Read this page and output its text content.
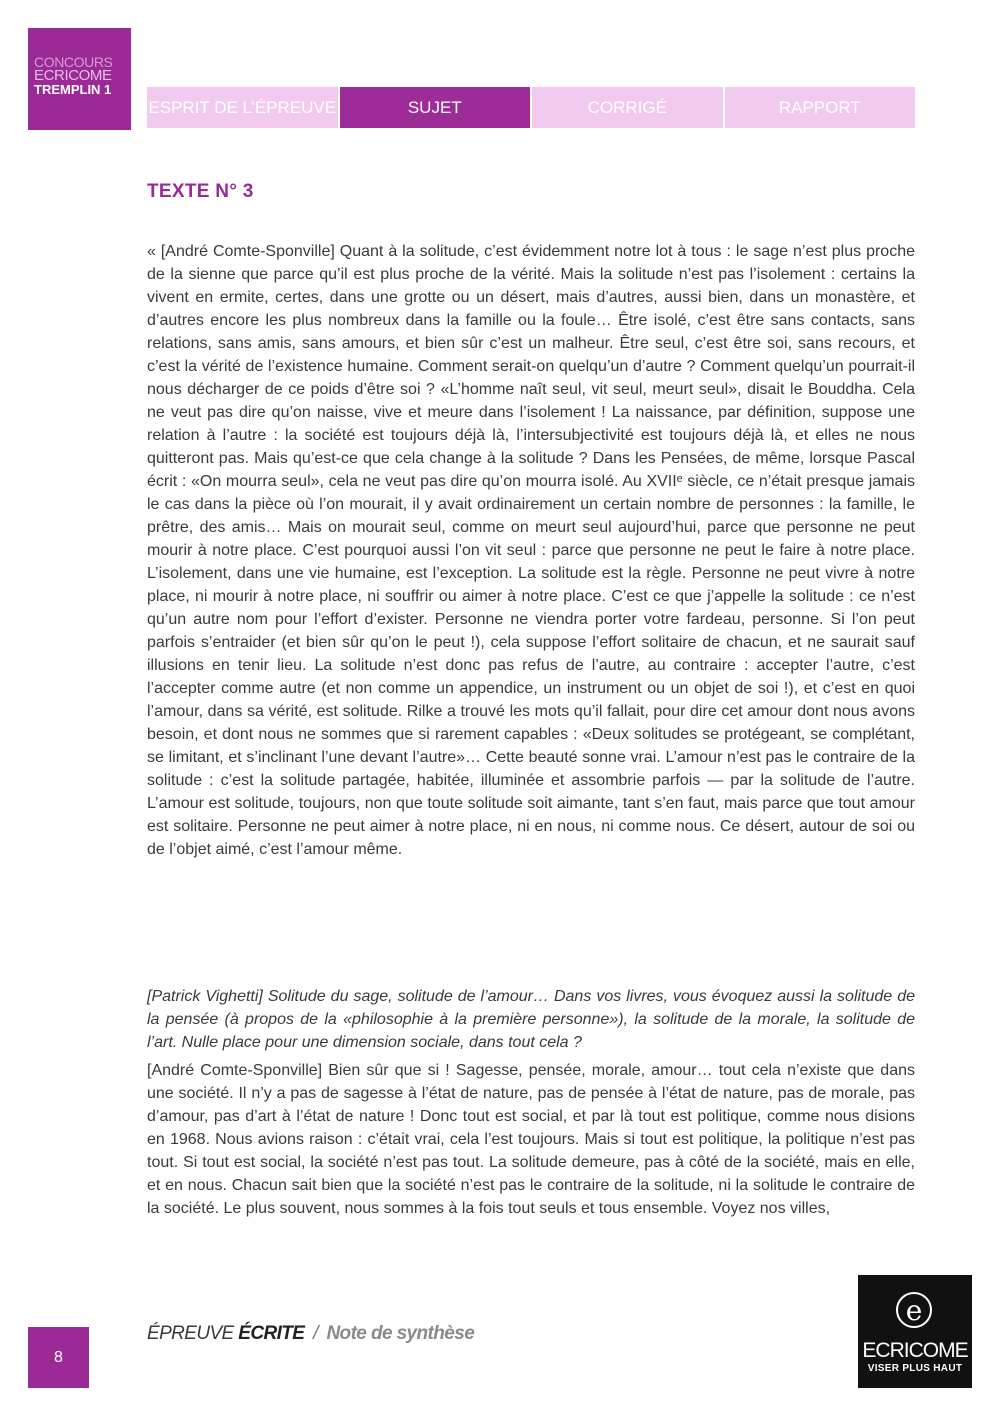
CONCOURS
ECRICOME
TREMPLIN 1
ESPRIT DE L’ÉPREUVE	SUJET	CORRIGÉ	RAPPORT
TEXTE N° 3

« [André Comte-Sponville] Quant à la solitude, c’est évidemment notre lot à tous : le sage n’est plus proche de la sienne que parce qu’il est plus proche de la vérité. Mais la solitude n’est pas l’isolement : certains la vivent en ermite, certes, dans une grotte ou un désert, mais d’autres, aussi bien, dans un monastère, et d’autres encore les plus nombreux dans la famille ou la foule… Être isolé, c’est être sans contacts, sans relations, sans amis, sans amours, et bien sûr c’est un malheur. Être seul, c’est être soi, sans recours, et c’est la vérité de l’existence humaine. Comment serait-on quelqu’un d’autre ? Comment quelqu’un pourrait-il nous décharger de ce poids d’être soi ? «L’homme naît seul, vit seul, meurt seul», disait le Bouddha. Cela ne veut pas dire qu’on naisse, vive et meure dans l’isolement ! La naissance, par définition, suppose une relation à l’autre : la société est toujours déjà là, l’intersubjectivité est toujours déjà là, et elles ne nous quitteront pas. Mais qu’est-ce que cela change à la solitude ? Dans les Pensées, de même, lorsque Pascal écrit : «On mourra seul», cela ne veut pas dire qu’on mourra isolé. Au XVIIᵉ siècle, ce n’était presque jamais le cas dans la pièce où l’on mourait, il y avait ordinairement un certain nombre de personnes : la famille, le prêtre, des amis… Mais on mourait seul, comme on meurt seul aujourd’hui, parce que personne ne peut mourir à notre place. C’est pourquoi aussi l’on vit seul : parce que personne ne peut le faire à notre place. L’isolement, dans une vie humaine, est l’exception. La solitude est la règle. Personne ne peut vivre à notre place, ni mourir à notre place, ni souffrir ou aimer à notre place. C’est ce que j’appelle la solitude : ce n’est qu’un autre nom pour l’effort d’exister. Personne ne viendra porter votre fardeau, personne. Si l’on peut parfois s’entraider (et bien sûr qu’on le peut !), cela suppose l’effort solitaire de chacun, et ne saurait sauf illusions en tenir lieu. La solitude n’est donc pas refus de l’autre, au contraire : accepter l’autre, c’est l’accepter comme autre (et non comme un appendice, un instrument ou un objet de soi !), et c’est en quoi l’amour, dans sa vérité, est solitude. Rilke a trouvé les mots qu’il fallait, pour dire cet amour dont nous avons besoin, et dont nous ne sommes que si rarement capables : «Deux solitudes se protégeant, se complétant, se limitant, et s’inclinant l’une devant l’autre»… Cette beauté sonne vrai. L’amour n’est pas le contraire de la solitude : c’est la solitude partagée, habitée, illuminée et assombrie parfois — par la solitude de l’autre. L’amour est solitude, toujours, non que toute solitude soit aimante, tant s’en faut, mais parce que tout amour est solitaire. Personne ne peut aimer à notre place, ni en nous, ni comme nous. Ce désert, autour de soi ou de l’objet aimé, c’est l’amour même.

[Patrick Vighetti] Solitude du sage, solitude de l’amour… Dans vos livres, vous évoquez aussi la solitude de la pensée (à propos de la «philosophie à la première personne»), la solitude de la morale, la solitude de l’art. Nulle place pour une dimension sociale, dans tout cela ?

[André Comte-Sponville] Bien sûr que si ! Sagesse, pensée, morale, amour… tout cela n’existe que dans une société. Il n’y a pas de sagesse à l’état de nature, pas de pensée à l’état de nature, pas de morale, pas d’amour, pas d’art à l’état de nature ! Donc tout est social, et par là tout est politique, comme nous disions en 1968. Nous avions raison : c’était vrai, cela l’est toujours. Mais si tout est politique, la politique n’est pas tout. Si tout est social, la société n’est pas tout. La solitude demeure, pas à côté de la société, mais en elle, et en nous. Chacun sait bien que la société n’est pas le contraire de la solitude, ni la solitude le contraire de la société. Le plus souvent, nous sommes à la fois tout seuls et tous ensemble. Voyez nos villes,

8
ÉPREUVE ÉCRITE / Note de synthèse
e
ECRICOME
VISER PLUS HAUT
